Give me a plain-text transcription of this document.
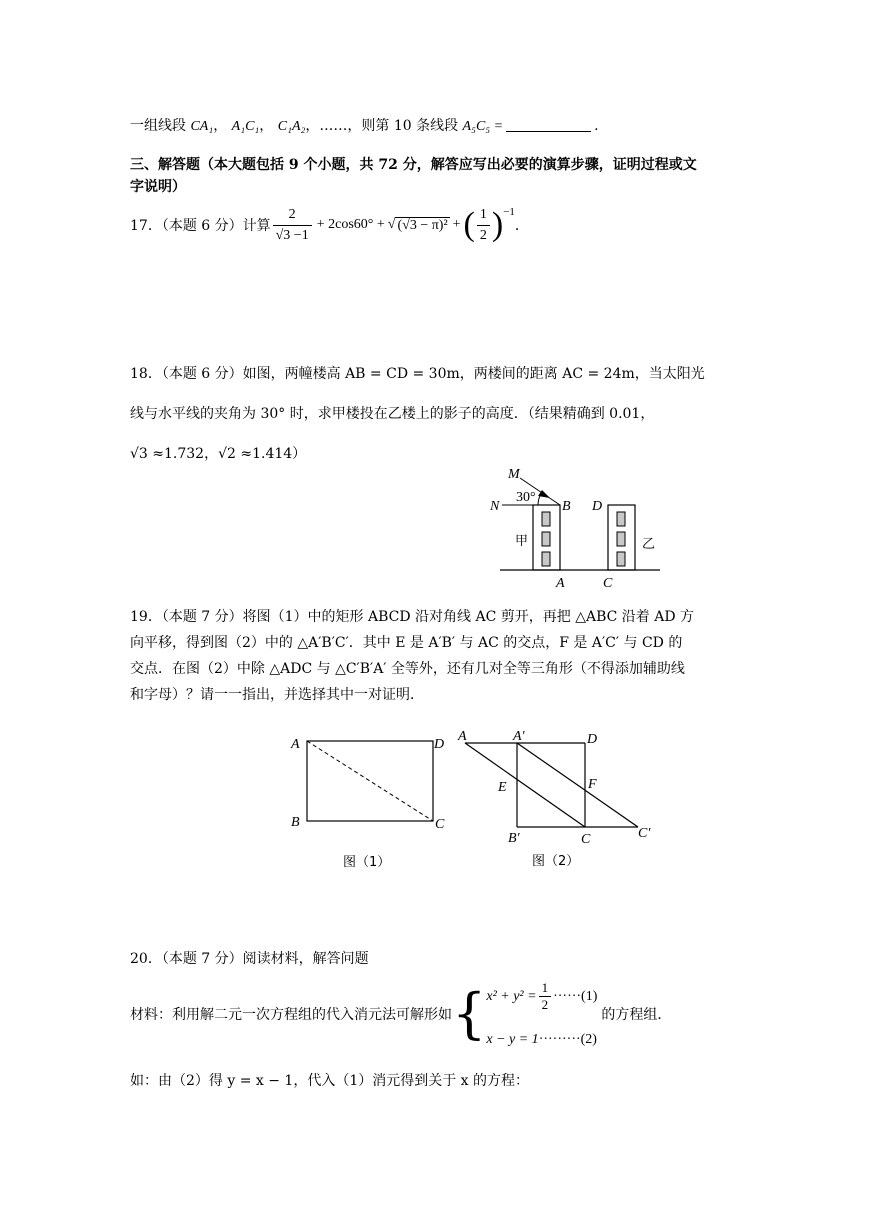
一组线段 CA₁， A₁C₁， C₁A₂，……，则第 10 条线段 A₅C₅ =	.
三、解答题（本大题包括 9 个小题，共 72 分，解答应写出必要的演算步骤，证明过程或文
字说明）
17．（本题 6 分）计算 $\frac{2}{√3 -1} + 2\cos 60^\circ$ + √ (√3 − π)² + ( $\frac{1}{2} )^{-1}$
．
18．（本题 6 分）如图，两幢楼高 AB = CD = 30m，两楼间的距离 AC = 24m，当太阳光
线与水平线的夹角为 30° 时，求甲楼投在乙楼上的影子的高度．（结果精确到 0.01，
√3 ≈1.732，√2 ≈1.414）
M
N
30°
B D
甲	乙
A	C
19．（本题 7 分）将图（1）中的矩形 ABCD 沿对角线 AC 剪开，再把 △ABC 沿着 AD 方
向平移，得到图（2）中的 △A′B′C′．其中 E 是 A′B′ 与 AC 的交点，F 是 A′C′ 与 CD 的
交点．在图（2）中除 △ADC 与 △C′B′A′ 全等外，还有几对全等三角形（不得添加辅助线
和字母）？请一一指出，并选择其中一对证明．
A	D
B	C
图（1）
A	A′	D
E	F
B′	C	C′
图（2）
20．（本题 7 分）阅读材料，解答问题
材料：利用解二元一次方程组的代入消元法可解形如 { $x^2 + y^2 = \frac{1}{2} \cdot\cdot\cdot\cdot\cdot\cdot(1)$
x − y = 1 ·········(2)
的方程组．
如：由（2）得 y = x − 1，代入（1）消元得到关于 x 的方程：
